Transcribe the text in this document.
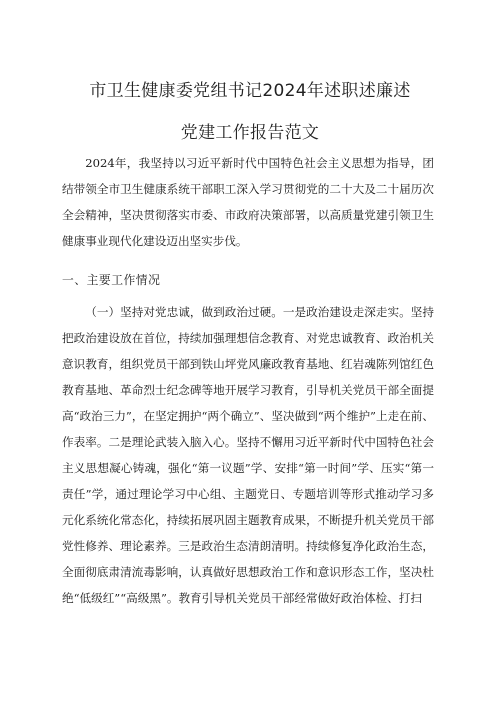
市卫生健康委党组书记2024年述职述廉述
党建工作报告范文

2024年，我坚持以习近平新时代中国特色社会主义思想为指导，团结带领全市卫生健康系统干部职工深入学习贯彻党的二十大及二十届历次全会精神，坚决贯彻落实市委、市政府决策部署，以高质量党建引领卫生健康事业现代化建设迈出坚实步伐。

一、主要工作情况

（一）坚持对党忠诚，做到政治过硬。一是政治建设走深走实。坚持把政治建设放在首位，持续加强理想信念教育、对党忠诚教育、政治机关意识教育，组织党员干部到铁山坪党风廉政教育基地、红岩魂陈列馆红色教育基地、革命烈士纪念碑等地开展学习教育，引导机关党员干部全面提高“政治三力”，在坚定拥护“两个确立”、坚决做到“两个维护”上走在前、作表率。二是理论武装入脑入心。坚持不懈用习近平新时代中国特色社会主义思想凝心铸魂，强化“第一议题”学、安排“第一时间”学、压实“第一责任”学，通过理论学习中心组、主题党日、专题培训等形式推动学习多元化系统化常态化，持续拓展巩固主题教育成果，不断提升机关党员干部党性修养、理论素养。三是政治生态清朗清明。持续修复净化政治生态，全面彻底肃清流毒影响，认真做好思想政治工作和意识形态工作，坚决杜绝“低级红”“高级黑”。教育引导机关党员干部经常做好政治体检、打扫
